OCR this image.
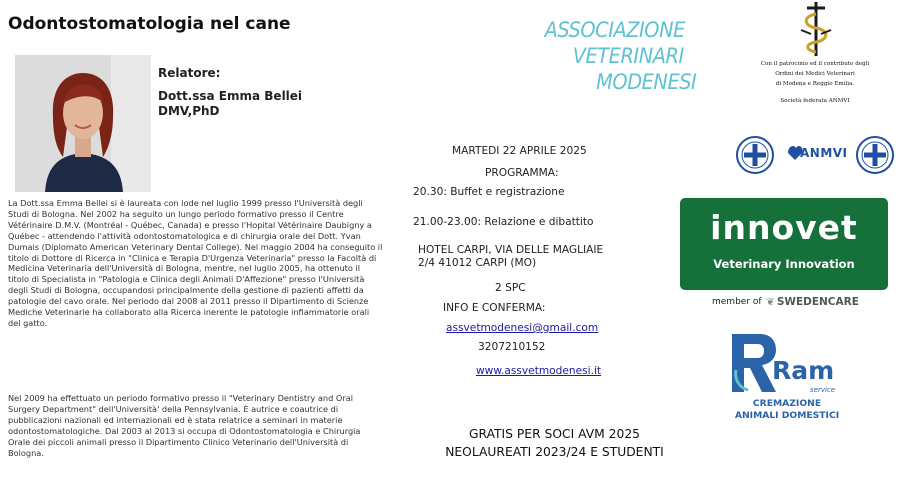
Odontostomatologia nel cane
Relatore:
Dott.ssa Emma Bellei
DMV,PhD
La Dott.ssa Emma Bellei si è laureata con lode nel luglio 1999 presso l'Università degli Studi di Bologna. Nel 2002 ha seguito un lungo periodo formativo presso il Centre Vétérinaire D.M.V. (Montréal - Québec, Canada) e presso l'Hopital Vétérinaire Daubigny a Québec - attendendo l'attività odontostomatologica e di chirurgia orale del Dott. Yvan Dumais (Diplomato American Veterinary Dental College). Nel maggio 2004 ha conseguito il titolo di Dottore di Ricerca in "Clinica e Terapia D'Urgenza Veterinaria" presso la Facoltà di Medicina Veterinaria dell'Università di Bologna, mentre, nel luglio 2005, ha ottenuto il titolo di Specialista in "Patologia e Clinica degli Animali D'Affezione" presso l'Università degli Studi di Bologna, occupandosi principalmente della gestione di pazienti affetti da patologie del cavo orale. Nel periodo dal 2008 al 2011 presso il Dipartimento di Scienze Mediche Veterinarie ha collaborato alla Ricerca inerente le patologie infiammatorie orali del gatto.
Nel 2009 ha effettuato un periodo formativo presso il "Veterinary Dentistry and Oral Surgery Department" dell'Università' della Pennsylvania. È autrice e coautrice di pubblicazioni nazionali ed internazionali ed è stata relatrice a seminari in materie odontostomatologiche. Dal 2003 al 2013 si occupa di Odontostomatologia e Chirurgia Orale dei piccoli animali presso il Dipartimento Clinico Veterinario dell'Università di Bologna.
ASSOCIAZIONE
VETERINARI
MODENESI
Con il patrocinio ed il contributo degli
Ordini dei Medici Veterinari
di Modena e Reggio Emilia.
Società federata ANMVI
ANMVI
MARTEDI 22 APRILE 2025
PROGRAMMA:
20.30: Buffet e registrazione
21.00-23.00: Relazione e dibattito
HOTEL CARPI, VIA DELLE MAGLIAIE
2/4 41012 CARPI (MO)
2 SPC
INFO E CONFERMA:
assvetmodenesi@gmail.com
3207210152
www.assvetmodenesi.it
GRATIS PER SOCI AVM 2025
NEOLAUREATI 2023/24 E STUDENTI
innovet
Veterinary Innovation
member of ❦ SWEDENCARE
Ram
service
CREMAZIONE
ANIMALI DOMESTICI
